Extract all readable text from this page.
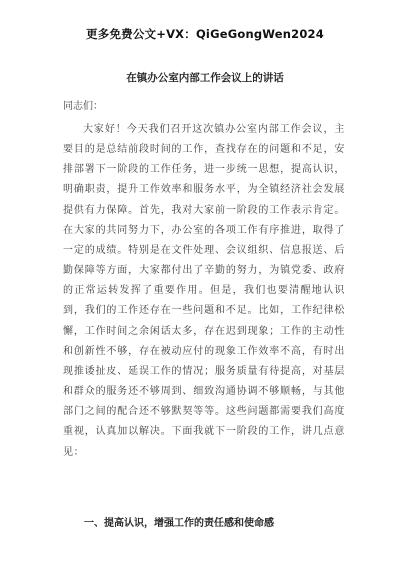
更多免费公文+VX：QiGeGongWen2024
在镇办公室内部工作会议上的讲话
同志们：
大家好！今天我们召开这次镇办公室内部工作会议，主要目的是总结前段时间的工作，查找存在的问题和不足，安排部署下一阶段的工作任务，进一步统一思想，提高认识，明确职责，提升工作效率和服务水平，为全镇经济社会发展提供有力保障。首先，我对大家前一阶段的工作表示肯定。在大家的共同努力下，办公室的各项工作有序推进，取得了一定的成绩。特别是在文件处理、会议组织、信息报送、后勤保障等方面，大家都付出了辛勤的努力，为镇党委、政府的正常运转发挥了重要作用。但是，我们也要清醒地认识到，我们的工作还存在一些问题和不足。比如，工作纪律松懈，工作时间之余闲话太多，存在迟到现象；工作的主动性和创新性不够，存在被动应付的现象工作效率不高，有时出现推诿扯皮、延误工作的情况；服务质量有待提高，对基层和群众的服务还不够周到、细致沟通协调不够顺畅，与其他部门之间的配合还不够默契等等。这些问题都需要我们高度重视，认真加以解决。下面我就下一阶段的工作，讲几点意见：
一、提高认识，增强工作的责任感和使命感
